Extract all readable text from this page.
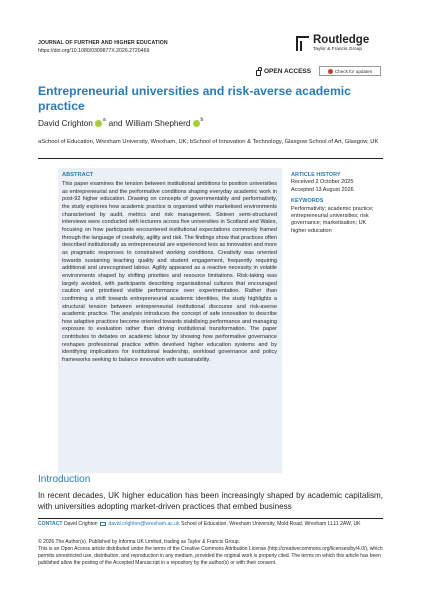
JOURNAL OF FURTHER AND HIGHER EDUCATION
https://doi.org/10.1080/0309877X.2026.2720469
Routledge
Taylor & Francis Group
OPEN ACCESS	Check for updates
Entrepreneurial universities and risk-averse academic practice
David Crighton a and William Shepherd b
aSchool of Education, Wrexham University, Wrexham, UK; bSchool of Innovation & Technology, Glasgow School of Art, Glasgow, UK
ABSTRACT
This paper examines the tension between institutional ambitions to position universities as entrepreneurial and the performative conditions shaping everyday academic work in post-92 higher education. Drawing on concepts of governmentality and performativity, the study explores how academic practice is organised within marketised environments characterised by audit, metrics and risk management. Sixteen semi-structured interviews were conducted with lecturers across five universities in Scotland and Wales, focusing on how participants encountered institutional expectations commonly framed through the language of creativity, agility and risk. The findings show that practices often described institutionally as entrepreneurial are experienced less as innovation and more as pragmatic responses to constrained working conditions. Creativity was oriented towards sustaining teaching quality and student engagement, frequently requiring additional and unrecognised labour. Agility appeared as a reactive necessity in volatile environments shaped by shifting priorities and resource limitations. Risk-taking was largely avoided, with participants describing organisational cultures that encouraged caution and prioritised visible performance over experimentation. Rather than confirming a shift towards entrepreneurial academic identities, the study highlights a structural tension between entrepreneurial institutional discourse and risk-averse academic practice. The analysis introduces the concept of safe innovation to describe how adaptive practices become oriented towards stabilising performance and managing exposure to evaluation rather than driving institutional transformation. The paper contributes to debates on academic labour by showing how performative governance reshapes professional practice within devolved higher education systems and by identifying implications for institutional leadership, workload governance and policy frameworks seeking to balance innovation with sustainability.
ARTICLE HISTORY
Received 2 October 2025
Accepted 13 August 2026
KEYWORDS
Performativity; academic practice; entrepreneurial universities; risk governance; marketisation; UK higher education
Introduction
In recent decades, UK higher education has been increasingly shaped by academic capitalism, with universities adopting market-driven practices that embed business
CONTACT David Crighton david.crighton@wrexham.ac.uk School of Education, Wrexham University, Mold Road, Wrexham LL11 2AW, UK
© 2026 The Author(s). Published by Informa UK Limited, trading as Taylor & Francis Group.
This is an Open Access article distributed under the terms of the Creative Commons Attribution License (http://creativecommons.org/licenses/by/4.0/), which permits unrestricted use, distribution, and reproduction in any medium, provided the original work is properly cited. The terms on which this article has been published allow the posting of the Accepted Manuscript in a repository by the author(s) or with their consent.
